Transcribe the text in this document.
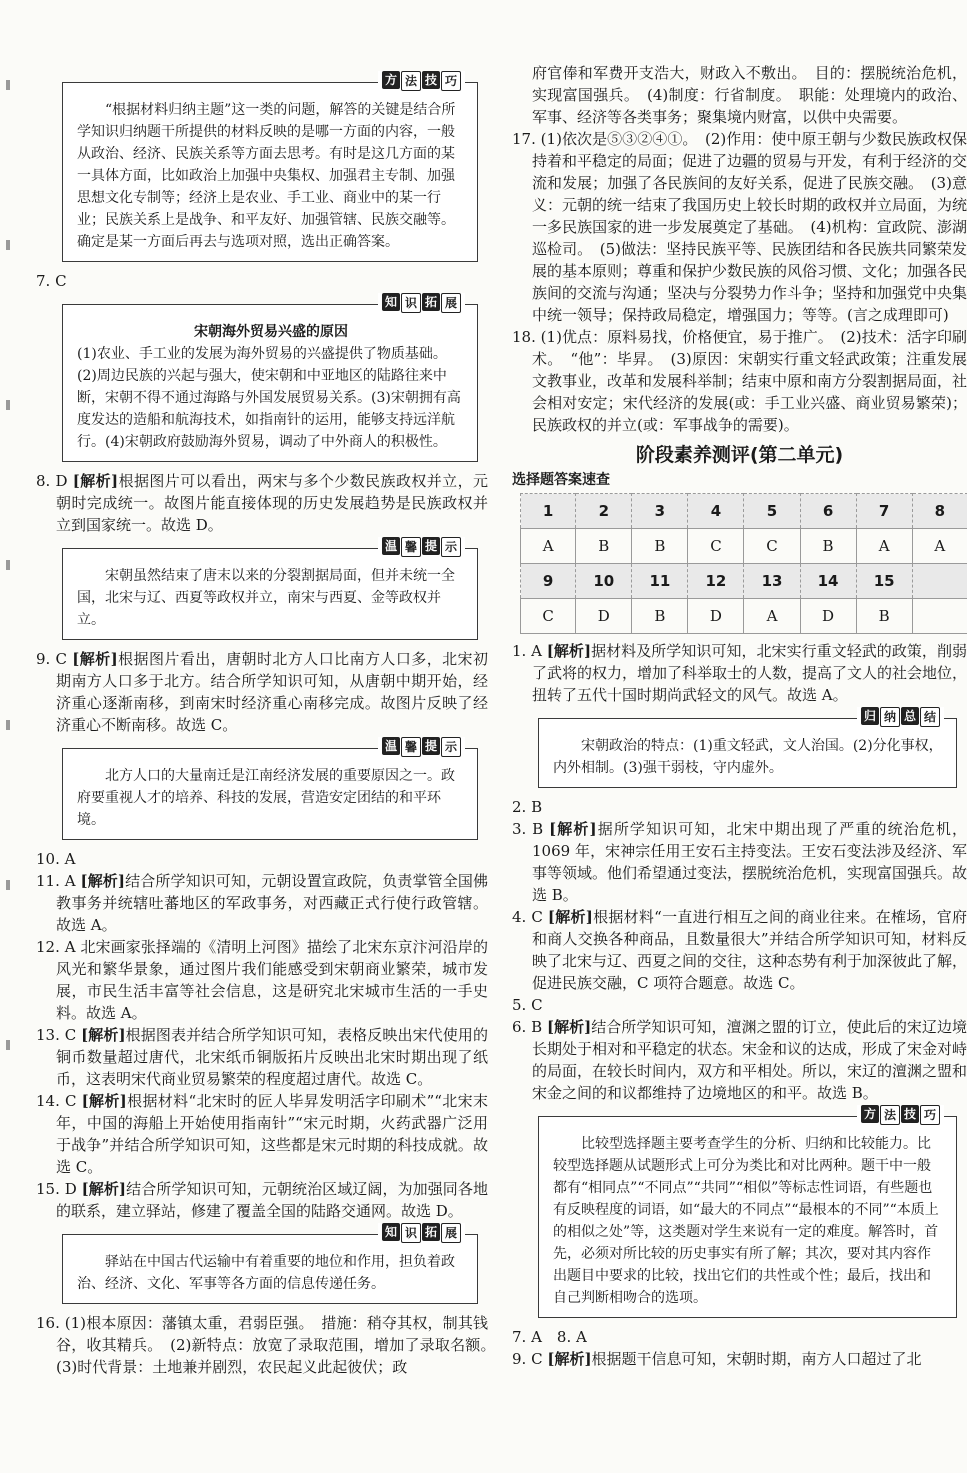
方 法 技 巧
“根据材料归纳主题”这一类的问题，解答的关键是结合所学知识归纳题干所提供的材料反映的是哪一方面的内容，一般从政治、经济、民族关系等方面去思考。有时是这几方面的某一具体方面，比如政治上加强中央集权、加强君主专制、加强思想文化专制等；经济上是农业、手工业、商业中的某一行业；民族关系上是战争、和平友好、加强管辖、民族交融等。确定是某一方面后再去与选项对照，选出正确答案。

7. C

知 识 拓 展
宋朝海外贸易兴盛的原因
(1)农业、手工业的发展为海外贸易的兴盛提供了物质基础。(2)周边民族的兴起与强大，使宋朝和中亚地区的陆路往来中断，宋朝不得不通过海路与外国发展贸易关系。(3)宋朝拥有高度发达的造船和航海技术，如指南针的运用，能够支持远洋航行。(4)宋朝政府鼓励海外贸易，调动了中外商人的积极性。

8. D [解析]根据图片可以看出，两宋与多个少数民族政权并立，元朝时完成统一。故图片能直接体现的历史发展趋势是民族政权并立到国家统一。故选 D。

温 馨 提 示
宋朝虽然结束了唐末以来的分裂割据局面，但并未统一全国，北宋与辽、西夏等政权并立，南宋与西夏、金等政权并立。

9. C [解析]根据图片看出，唐朝时北方人口比南方人口多，北宋初期南方人口多于北方。结合所学知识可知，从唐朝中期开始，经济重心逐渐南移，到南宋时经济重心南移完成。故图片反映了经济重心不断南移。故选 C。

温 馨 提 示
北方人口的大量南迁是江南经济发展的重要原因之一。政府要重视人才的培养、科技的发展，营造安定团结的和平环境。

10. A

11. A [解析]结合所学知识可知，元朝设置宣政院，负责掌管全国佛教事务并统辖吐蕃地区的军政事务，对西藏正式行使行政管辖。故选 A。

12. A 北宋画家张择端的《清明上河图》描绘了北宋东京汴河沿岸的风光和繁华景象，通过图片我们能感受到宋朝商业繁荣，城市发展，市民生活丰富等社会信息，这是研究北宋城市生活的一手史料。故选 A。

13. C [解析]根据图表并结合所学知识可知，表格反映出宋代使用的铜币数量超过唐代，北宋纸币铜版拓片反映出北宋时期出现了纸币，这表明宋代商业贸易繁荣的程度超过唐代。故选 C。

14. C [解析]根据材料“北宋时的匠人毕昇发明活字印刷术”“北宋末年，中国的海船上开始使用指南针”“宋元时期，火药武器广泛用于战争”并结合所学知识可知，这些都是宋元时期的科技成就。故选 C。

15. D [解析]结合所学知识可知，元朝统治区域辽阔，为加强同各地的联系，建立驿站，修建了覆盖全国的陆路交通网。故选 D。

知 识 拓 展
驿站在中国古代运输中有着重要的地位和作用，担负着政治、经济、文化、军事等各方面的信息传递任务。

16. (1)根本原因：藩镇太重，君弱臣强。　措施：稍夺其权，制其钱谷，收其精兵。　(2)新特点：放宽了录取范围，增加了录取名额。　(3)时代背景：土地兼并剧烈，农民起义此起彼伏；政

府官俸和军费开支浩大，财政入不敷出。　目的：摆脱统治危机，实现富国强兵。　(4)制度：行省制度。　职能：处理境内的政治、军事、经济等各类事务；聚集境内财富，以供中央需要。

17. (1)依次是⑤③②④①。　(2)作用：使中原王朝与少数民族政权保持着和平稳定的局面；促进了边疆的贸易与开发，有利于经济的交流和发展；加强了各民族间的友好关系，促进了民族交融。　(3)意义：元朝的统一结束了我国历史上较长时期的政权并立局面，为统一多民族国家的进一步发展奠定了基础。　(4)机构：宣政院、澎湖巡检司。　(5)做法：坚持民族平等、民族团结和各民族共同繁荣发展的基本原则；尊重和保护少数民族的风俗习惯、文化；加强各民族间的交流与沟通；坚决与分裂势力作斗争；坚持和加强党中央集中统一领导；保持政局稳定，增强国力；等等。(言之成理即可)

18. (1)优点：原料易找，价格便宜，易于推广。　(2)技术：活字印刷术。　“他”：毕昇。　(3)原因：宋朝实行重文轻武政策；注重发展文教事业，改革和发展科举制；结束中原和南方分裂割据局面，社会相对安定；宋代经济的发展(或：手工业兴盛、商业贸易繁荣)；民族政权的并立(或：军事战争的需要)。

阶段素养测评(第二单元)
选择题答案速查
1	2	3	4	5	6	7	8
A	B	B	C	C	B	A	A
9	10	11	12	13	14	15	
C	D	B	D	A	D	B	

1. A [解析]据材料及所学知识可知，北宋实行重文轻武的政策，削弱了武将的权力，增加了科举取士的人数，提高了文人的社会地位，扭转了五代十国时期尚武轻文的风气。故选 A。

归 纳 总 结
宋朝政治的特点：(1)重文轻武，文人治国。(2)分化事权，内外相制。(3)强干弱枝，守内虚外。

2. B

3. B [解析]据所学知识可知，北宋中期出现了严重的统治危机，1069 年，宋神宗任用王安石主持变法。王安石变法涉及经济、军事等领域。他们希望通过变法，摆脱统治危机，实现富国强兵。故选 B。

4. C [解析]根据材料“一直进行相互之间的商业往来。在榷场，官府和商人交换各种商品，且数量很大”并结合所学知识可知，材料反映了北宋与辽、西夏之间的交往，这种态势有利于加深彼此了解，促进民族交融，C 项符合题意。故选 C。

5. C

6. B [解析]结合所学知识可知，澶渊之盟的订立，使此后的宋辽边境长期处于相对和平稳定的状态。宋金和议的达成，形成了宋金对峙的局面，在较长时间内，双方和平相处。所以，宋辽的澶渊之盟和宋金之间的和议都维持了边境地区的和平。故选 B。

方 法 技 巧
比较型选择题主要考查学生的分析、归纳和比较能力。比较型选择题从试题形式上可分为类比和对比两种。题干中一般都有“相同点”“不同点”“共同”“相似”等标志性词语，有些题也有反映程度的词语，如“最大的不同点”“最根本的不同”“本质上的相似之处”等，这类题对学生来说有一定的难度。解答时，首先，必须对所比较的历史事实有所了解；其次，要对其内容作出题目中要求的比较，找出它们的共性或个性；最后，找出和自己判断相吻合的选项。

7. A　8. A

9. C [解析]根据题干信息可知，宋朝时期，南方人口超过了北
